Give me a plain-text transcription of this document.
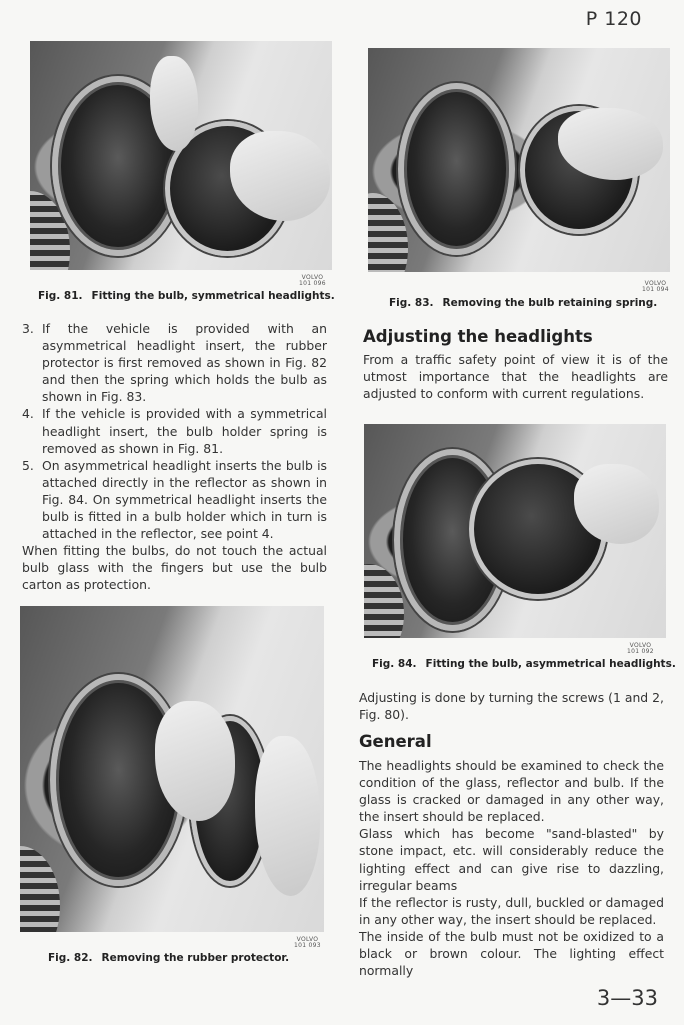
P 120
VOLVO
101 096
Fig. 81. Fitting the bulb, symmetrical headlights.
VOLVO
101 094
Fig. 83. Removing the bulb retaining spring.
3. If the vehicle is provided with an asymmetrical headlight insert, the rubber protector is first removed as shown in Fig. 82 and then the spring which holds the bulb as shown in Fig. 83.
4. If the vehicle is provided with a symmetrical headlight insert, the bulb holder spring is removed as shown in Fig. 81.
5. On asymmetrical headlight inserts the bulb is attached directly in the reflector as shown in Fig. 84. On symmetrical headlight inserts the bulb is fitted in a bulb holder which in turn is attached in the reflector, see point 4.

When fitting the bulbs, do not touch the actual bulb glass with the fingers but use the bulb carton as protection.

Adjusting the headlights

From a traffic safety point of view it is of the utmost importance that the headlights are adjusted to conform with current regulations.

VOLVO
101 092
Fig. 84. Fitting the bulb, asymmetrical headlights.

Adjusting is done by turning the screws (1 and 2, Fig. 80).

General

The headlights should be examined to check the condition of the glass, reflector and bulb. If the glass is cracked or damaged in any other way, the insert should be replaced.

Glass which has become "sand-blasted" by stone impact, etc. will considerably reduce the lighting effect and can give rise to dazzling, irregular beams

If the reflector is rusty, dull, buckled or damaged in any other way, the insert should be replaced.

The inside of the bulb must not be oxidized to a black or brown colour. The lighting effect normally

VOLVO
101 093
Fig. 82. Removing the rubber protector.
3—33
